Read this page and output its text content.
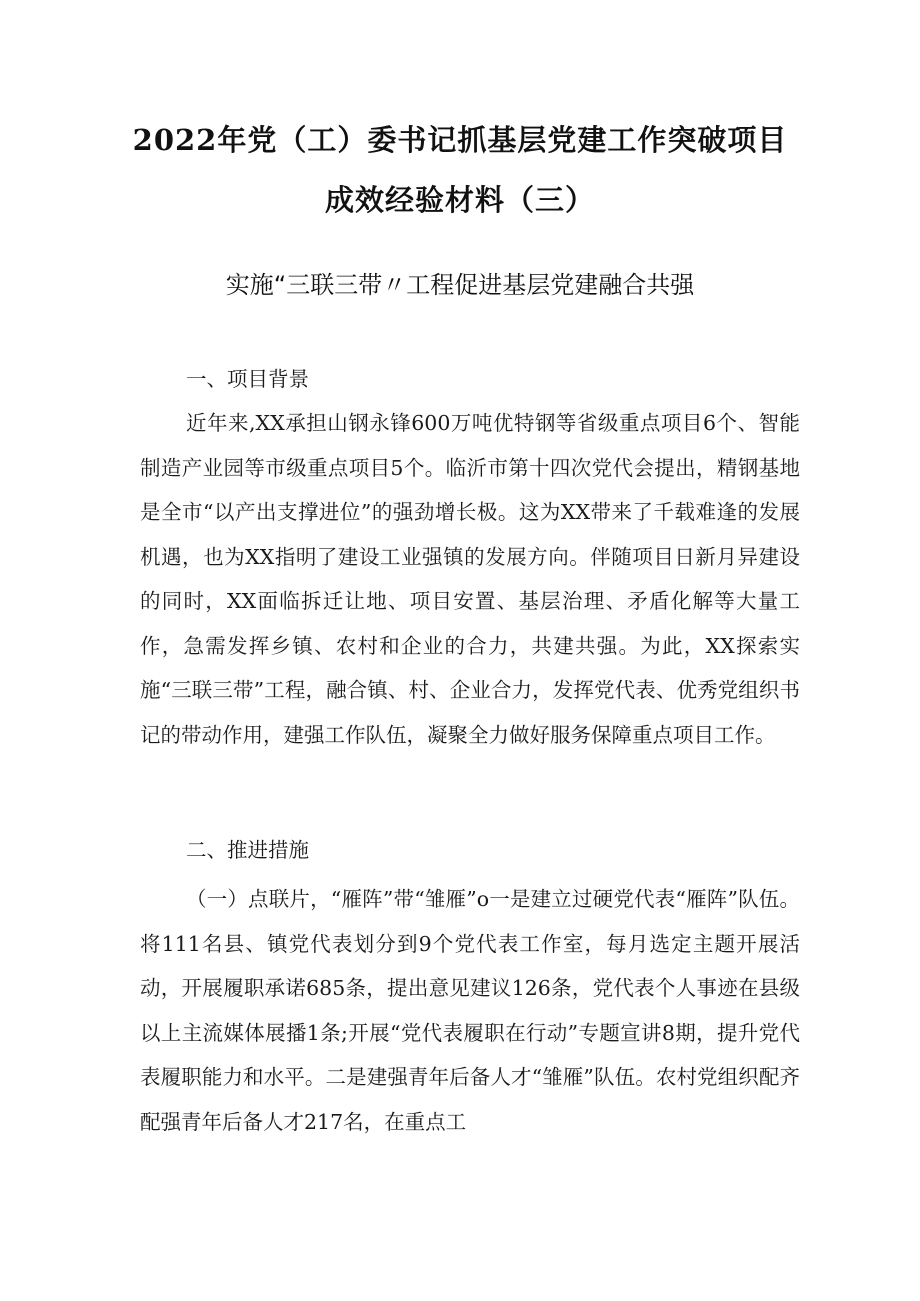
2022年党（工）委书记抓基层党建工作突破项目
成效经验材料（三）
实施“三联三带〃工程促进基层党建融合共强
一、项目背景
近年来,XX承担山钢永锋600万吨优特钢等省级重点项目6个、智能制造产业园等市级重点项目5个。临沂市第十四次党代会提出，精钢基地是全市“以产出支撑进位”的强劲增长极。这为XX带来了千载难逢的发展机遇，也为XX指明了建设工业强镇的发展方向。伴随项目日新月异建设的同时，XX面临拆迁让地、项目安置、基层治理、矛盾化解等大量工作，急需发挥乡镇、农村和企业的合力，共建共强。为此，XX探索实施“三联三带”工程，融合镇、村、企业合力，发挥党代表、优秀党组织书记的带动作用，建强工作队伍，凝聚全力做好服务保障重点项目工作。
二、推进措施
（一）点联片，“雁阵”带“雏雁”o一是建立过硬党代表“雁阵”队伍。将111名县、镇党代表划分到9个党代表工作室，每月选定主题开展活动，开展履职承诺685条，提出意见建议126条，党代表个人事迹在县级以上主流媒体展播1条;开展“党代表履职在行动”专题宣讲8期，提升党代表履职能力和水平。二是建强青年后备人才“雏雁”队伍。农村党组织配齐配强青年后备人才217名，在重点工
